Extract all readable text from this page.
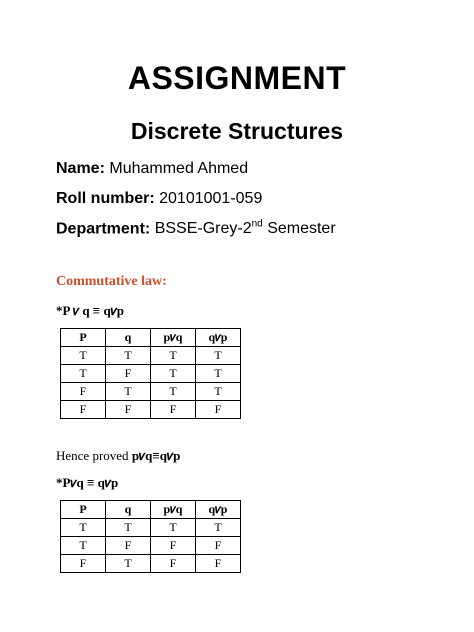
ASSIGNMENT
Discrete Structures
Name: Muhammed Ahmed
Roll number: 20101001-059
Department: BSSE-Grey-2nd Semester
Commutative law:
*P 𝑣 q ≡ q𝑣p
P	q	p𝑣q	q𝑣p
T	T	T	T
T	F	T	T
F	T	T	T
F	F	F	F
Hence proved p𝑣q≡q𝑣p
*P𝑣q ≡ q𝑣p
P	q	p𝑣q	q𝑣p
T	T	T	T
T	F	F	F
F	T	F	F
